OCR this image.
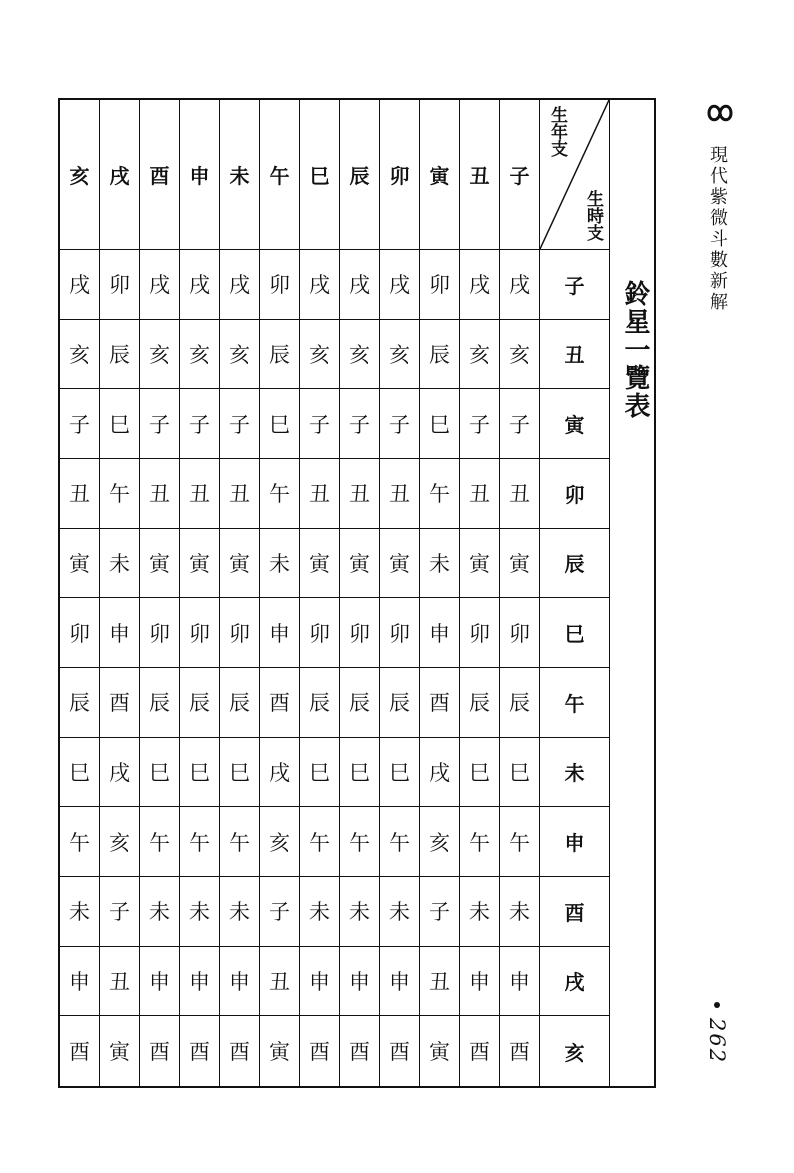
亥	戌	酉	申	未	午	巳	辰	卯	寅	丑	子
生年支
生時支
戌 卯 戌 戌 戌 卯 戌 戌 戌 卯 戌 戌	子
亥 辰 亥 亥 亥 辰 亥 亥 亥 辰 亥 亥	丑
子 巳 子 子 子 巳 子 子 子 巳 子 子	寅
丑 午 丑 丑 丑 午 丑 丑 丑 午 丑 丑	卯
寅 未 寅 寅 寅 未 寅 寅 寅 未 寅 寅	辰
卯 申 卯 卯 卯 申 卯 卯 卯 申 卯 卯	巳
辰 酉 辰 辰 辰 酉 辰 辰 辰 酉 辰 辰	午
巳 戌 巳 巳 巳 戌 巳 巳 巳 戌 巳 巳	未
午 亥 午 午 午 亥 午 午 午 亥 午 午	申
未 子 未 未 未 子 未 未 未 子 未 未	酉
申 丑 申 申 申 丑 申 申 申 丑 申 申	戌
酉 寅 酉 酉 酉 寅 酉 酉 酉 寅 酉 酉	亥
鈴星一覽表
現代紫微斗數新解
262
